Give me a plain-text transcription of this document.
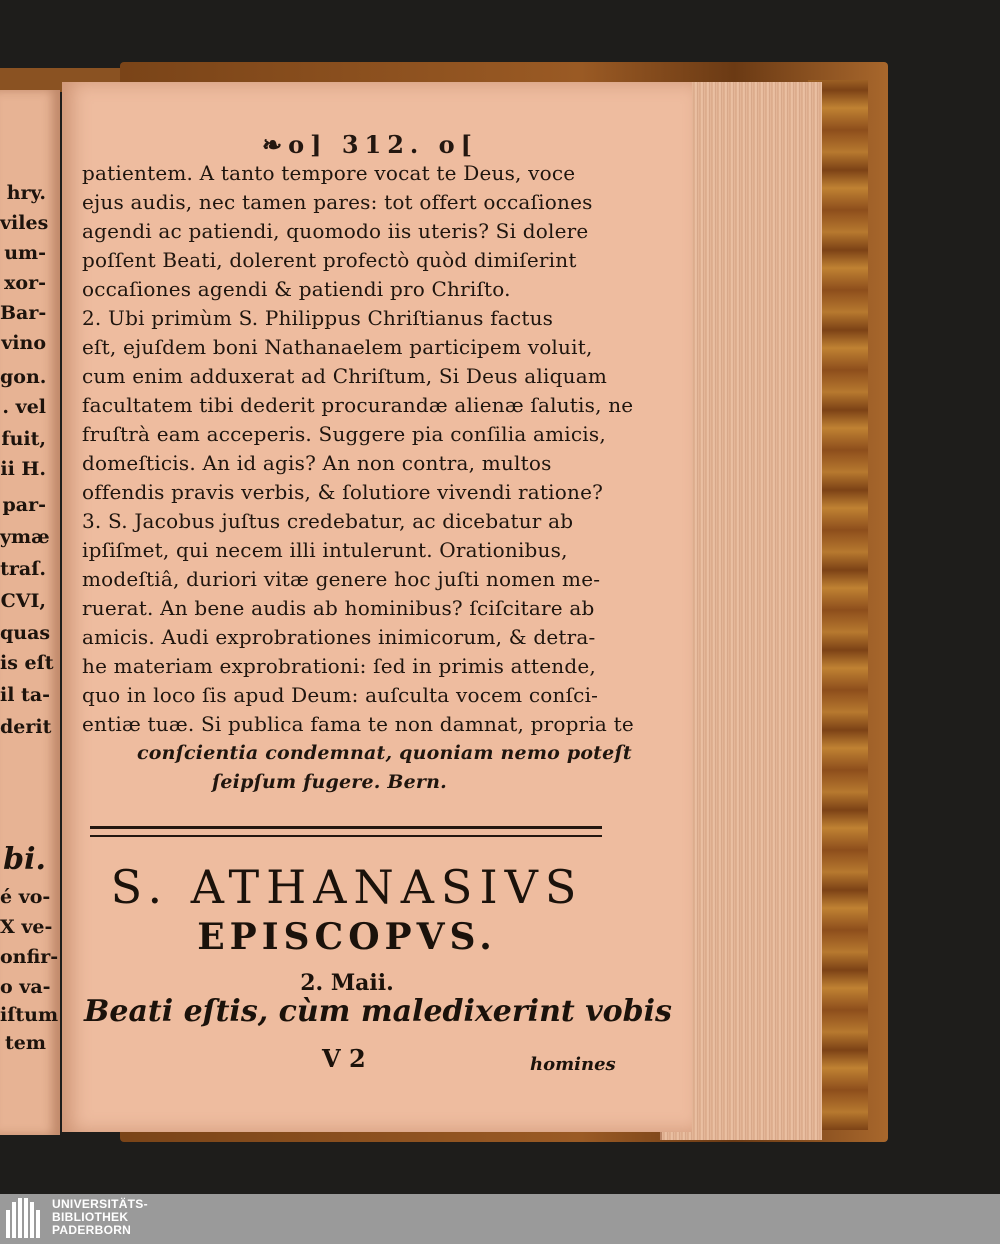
hry.
viles
um-
xor-
Bar-
vino
gon.
. vel
fuit,
ii H.
par-
ymæ
traſ.
CVI,
quas
is eſt
il ta-
derit
bi.
é vo-
X ve-
onfir-
o va-
iſtum
tem
❧o] 312. o[
patientem. A tanto tempore vocat te Deus, voce
ejus audis, nec tamen pares: tot offert occaſiones
agendi ac patiendi, quomodo iis uteris? Si dolere
poſſent Beati, dolerent profectò quòd dimiſerint
occaſiones agendi & patiendi pro Chriſto.
2. Ubi primùm S. Philippus Chriſtianus factus
eſt, ejuſdem boni Nathanaelem participem voluit,
cum enim adduxerat ad Chriſtum, Si Deus aliquam
facultatem tibi dederit procurandæ alienæ ſalutis, ne
fruſtrà eam acceperis. Suggere pia conſilia amicis,
domeſticis. An id agis? An non contra, multos
offendis pravis verbis, & ſolutiore vivendi ratione?
3. S. Jacobus juſtus credebatur, ac dicebatur ab
ipſiſmet, qui necem illi intulerunt. Orationibus,
modeſtiâ, duriori vitæ genere hoc juſti nomen me-
ruerat. An bene audis ab hominibus? ſciſcitare ab
amicis. Audi exprobrationes inimicorum, & detra-
he materiam exprobrationi: ſed in primis attende,
quo in loco ſis apud Deum: auſculta vocem conſci-
entiæ tuæ. Si publica fama te non damnat, propria te
conſcientia condemnat, quoniam nemo poteſt
ſeipſum fugere. Bern.
S. ATHANASIVS
EPISCOPVS.
2. Maii.
Beati eſtis, cùm maledixerint vobis
V 2	homines
UNIVERSITÄTS-
BIBLIOTHEK
PADERBORN
